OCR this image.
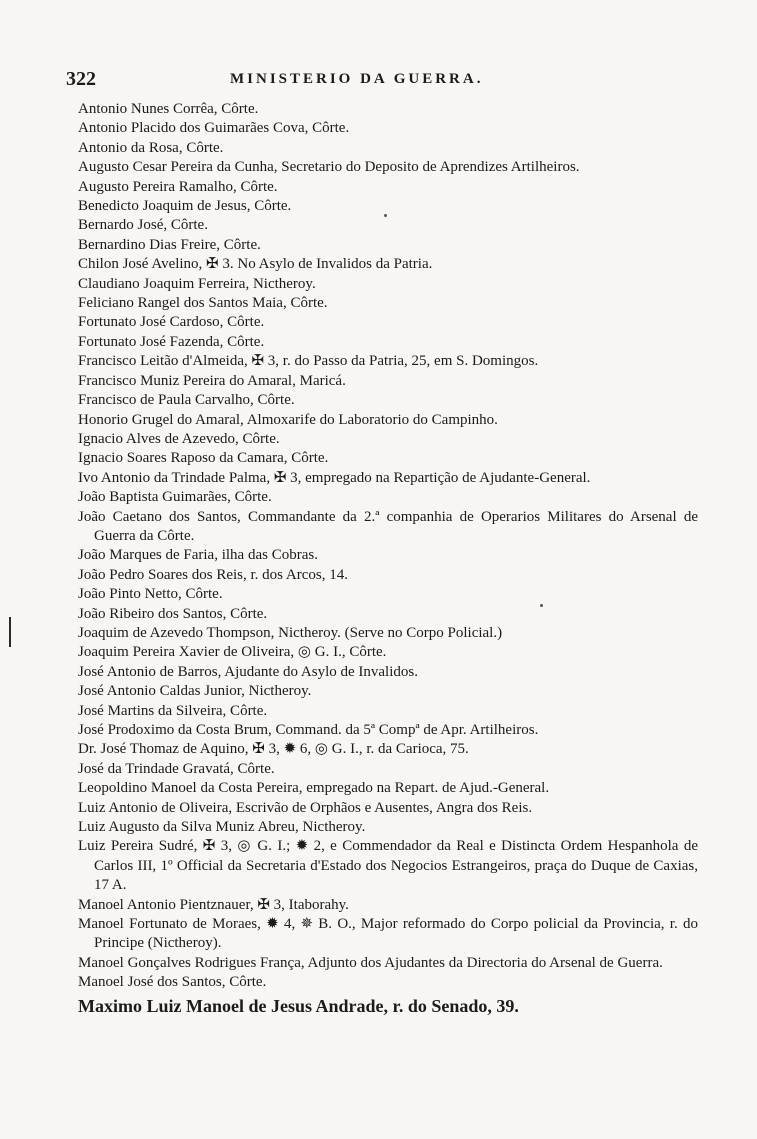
322	MINISTERIO DA GUERRA.
Antonio Nunes Corrêa, Côrte.
Antonio Placido dos Guimarães Cova, Côrte.
Antonio da Rosa, Côrte.
Augusto Cesar Pereira da Cunha, Secretario do Deposito de Aprendizes Artilheiros.
Augusto Pereira Ramalho, Côrte.
Benedicto Joaquim de Jesus, Côrte.
Bernardo José, Côrte.
Bernardino Dias Freire, Côrte.
Chilon José Avelino, ✠ 3. No Asylo de Invalidos da Patria.
Claudiano Joaquim Ferreira, Nictheroy.
Feliciano Rangel dos Santos Maia, Côrte.
Fortunato José Cardoso, Côrte.
Fortunato José Fazenda, Côrte.
Francisco Leitão d'Almeida, ✠ 3, r. do Passo da Patria, 25, em S. Domingos.
Francisco Muniz Pereira do Amaral, Maricá.
Francisco de Paula Carvalho, Côrte.
Honorio Grugel do Amaral, Almoxarife do Laboratorio do Campinho.
Ignacio Alves de Azevedo, Côrte.
Ignacio Soares Raposo da Camara, Côrte.
Ivo Antonio da Trindade Palma, ✠ 3, empregado na Repartição de Ajudante-General.
João Baptista Guimarães, Côrte.
João Caetano dos Santos, Commandante da 2.ª companhia de Operarios Militares do Arsenal de Guerra da Côrte.
João Marques de Faria, ilha das Cobras.
João Pedro Soares dos Reis, r. dos Arcos, 14.
João Pinto Netto, Côrte.
João Ribeiro dos Santos, Côrte.
Joaquim de Azevedo Thompson, Nictheroy. (Serve no Corpo Policial.)
Joaquim Pereira Xavier de Oliveira, ◎ G. I., Côrte.
José Antonio de Barros, Ajudante do Asylo de Invalidos.
José Antonio Caldas Junior, Nictheroy.
José Martins da Silveira, Côrte.
José Prodoximo da Costa Brum, Command. da 5ª Compª de Apr. Artilheiros.
Dr. José Thomaz de Aquino, ✠ 3, ✹ 6, ◎ G. I., r. da Carioca, 75.
José da Trindade Gravatá, Côrte.
Leopoldino Manoel da Costa Pereira, empregado na Repart. de Ajud.-General.
Luiz Antonio de Oliveira, Escrivão de Orphãos e Ausentes, Angra dos Reis.
Luiz Augusto da Silva Muniz Abreu, Nictheroy.
Luiz Pereira Sudré, ✠ 3, ◎ G. I.; ✹ 2, e Commendador da Real e Distincta Ordem Hespanhola de Carlos III, 1º Official da Secretaria d'Estado dos Negocios Estrangeiros, praça do Duque de Caxias, 17 A.
Manoel Antonio Pientznauer, ✠ 3, Itaborahy.
Manoel Fortunato de Moraes, ✹ 4, ✵ B. O., Major reformado do Corpo policial da Provincia, r. do Principe (Nictheroy).
Manoel Gonçalves Rodrigues França, Adjunto dos Ajudantes da Directoria do Arsenal de Guerra.
Manoel José dos Santos, Côrte.
Maximo Luiz Manoel de Jesus Andrade, r. do Senado, 39.
